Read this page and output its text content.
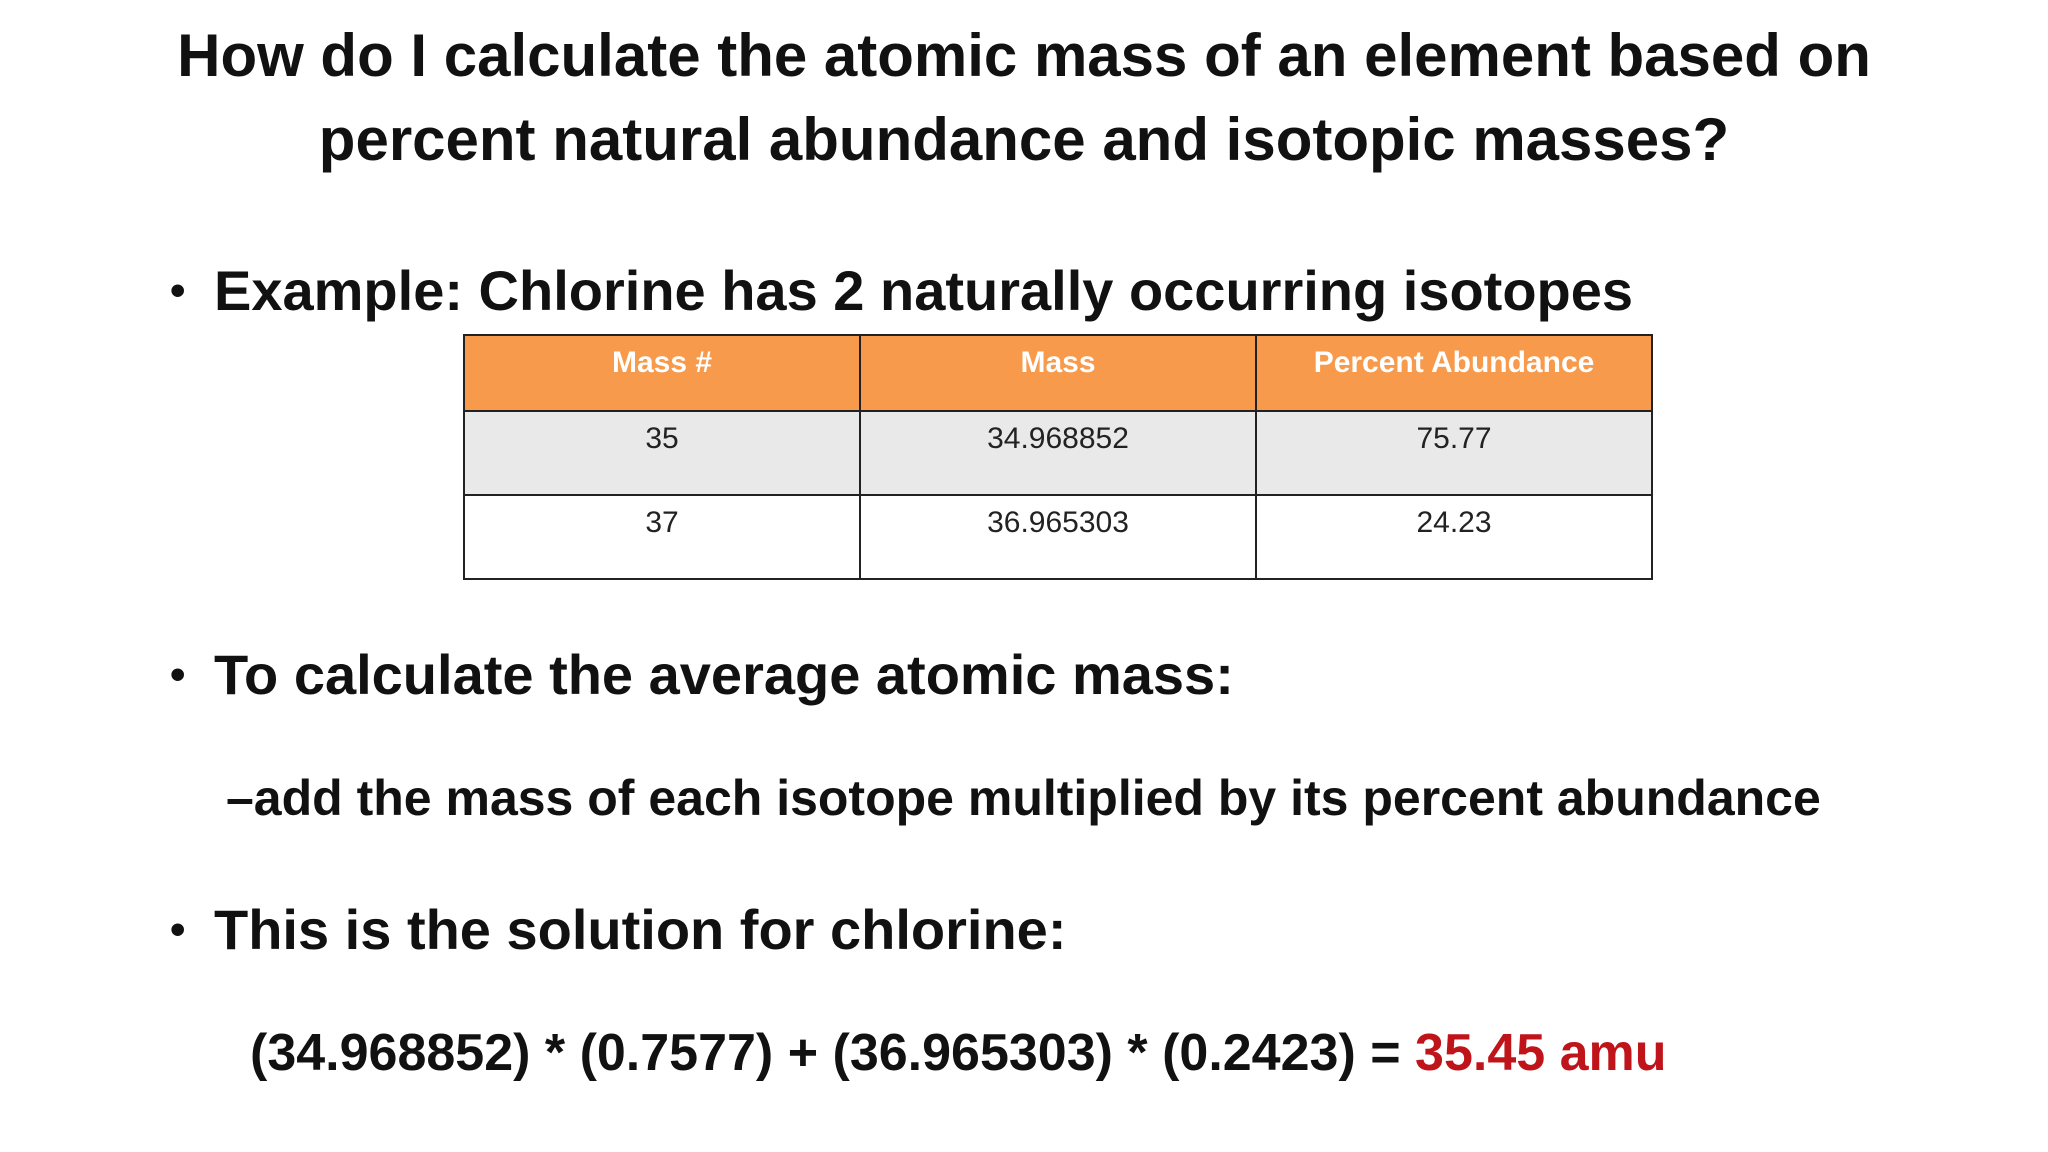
How do I calculate the atomic mass of an element based on
percent natural abundance and isotopic masses?
• Example: Chlorine has 2 naturally occurring isotopes
Mass #	Mass	Percent Abundance
35	34.968852	75.77
37	36.965303	24.23
• To calculate the average atomic mass:
–add the mass of each isotope multiplied by its percent abundance
• This is the solution for chlorine:
(34.968852) * (0.7577) + (36.965303) * (0.2423) = 35.45 amu
